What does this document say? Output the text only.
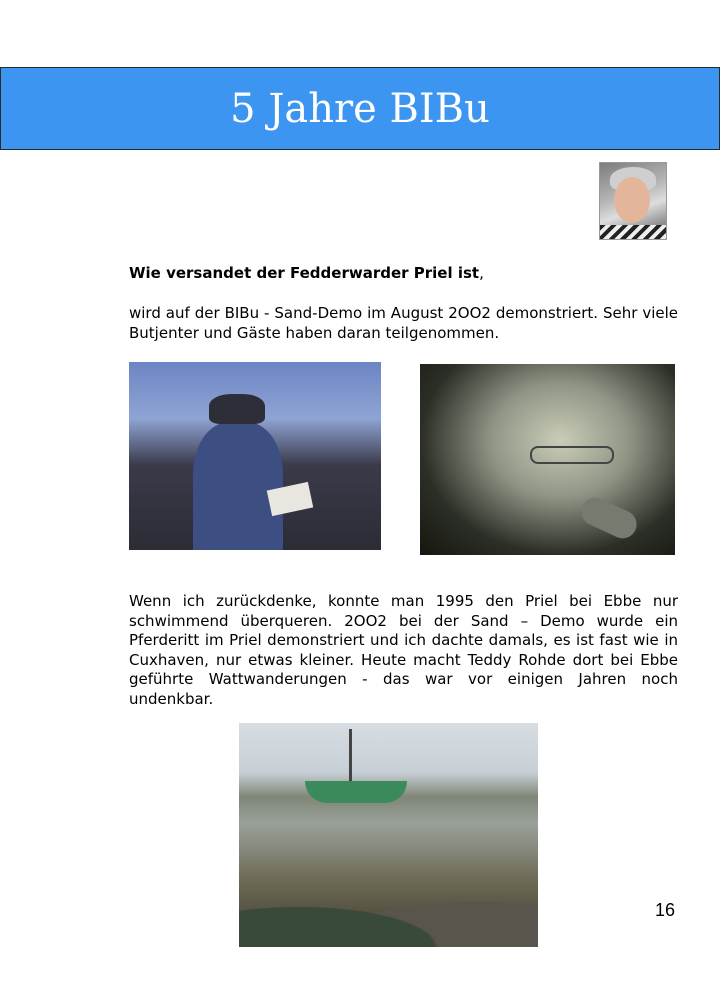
5 Jahre BIBu
Wie versandet der Fedderwarder Priel ist,

wird auf der BIBu - Sand-Demo im August 2OO2 demonstriert. Sehr viele Butjenter und Gäste haben daran teilgenommen.

Wenn ich zurückdenke, konnte man 1995 den Priel bei Ebbe nur schwimmend überqueren. 2OO2 bei der Sand – Demo wurde ein Pferderitt im Priel demonstriert und ich dachte damals, es ist fast wie in Cuxhaven, nur etwas kleiner. Heute macht Teddy Rohde dort bei Ebbe geführte Wattwanderungen - das war vor einigen Jahren noch undenkbar.

16
